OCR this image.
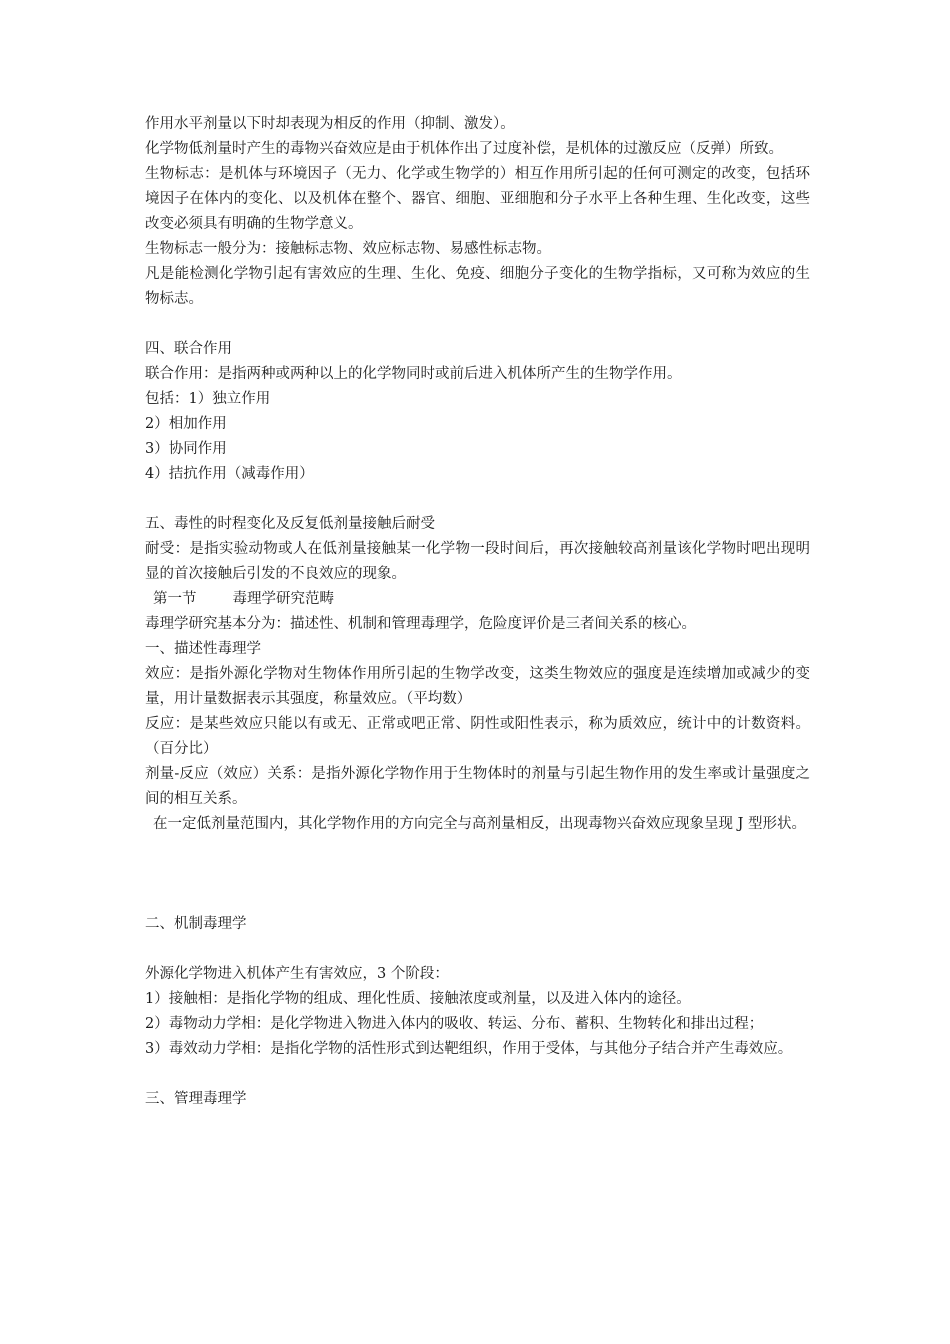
作用水平剂量以下时却表现为相反的作用（抑制、激发）。
化学物低剂量时产生的毒物兴奋效应是由于机体作出了过度补偿，是机体的过激反应（反弹）所致。
生物标志：是机体与环境因子（无力、化学或生物学的）相互作用所引起的任何可测定的改变，包括环境因子在体内的变化、以及机体在整个、器官、细胞、亚细胞和分子水平上各种生理、生化改变，这些改变必须具有明确的生物学意义。
生物标志一般分为：接触标志物、效应标志物、易感性标志物。
凡是能检测化学物引起有害效应的生理、生化、免疫、细胞分子变化的生物学指标，又可称为效应的生物标志。
四、联合作用
联合作用：是指两种或两种以上的化学物同时或前后进入机体所产生的生物学作用。
包括：1）独立作用
2）相加作用
3）协同作用
4）拮抗作用（减毒作用）
五、毒性的时程变化及反复低剂量接触后耐受
耐受：是指实验动物或人在低剂量接触某一化学物一段时间后，再次接触较高剂量该化学物时吧出现明显的首次接触后引发的不良效应的现象。
第一节 毒理学研究范畴
毒理学研究基本分为：描述性、机制和管理毒理学，危险度评价是三者间关系的核心。
一、描述性毒理学
效应：是指外源化学物对生物体作用所引起的生物学改变，这类生物效应的强度是连续增加或减少的变量，用计量数据表示其强度，称量效应。（平均数）
反应：是某些效应只能以有或无、正常或吧正常、阴性或阳性表示，称为质效应，统计中的计数资料。（百分比）
剂量-反应（效应）关系：是指外源化学物作用于生物体时的剂量与引起生物作用的发生率或计量强度之间的相互关系。
在一定低剂量范围内，其化学物作用的方向完全与高剂量相反，出现毒物兴奋效应现象呈现 J 型形状。
二、机制毒理学
外源化学物进入机体产生有害效应，3 个阶段：
1）接触相：是指化学物的组成、理化性质、接触浓度或剂量，以及进入体内的途径。
2）毒物动力学相：是化学物进入物进入体内的吸收、转运、分布、蓄积、生物转化和排出过程；
3）毒效动力学相：是指化学物的活性形式到达靶组织，作用于受体，与其他分子结合并产生毒效应。
三、管理毒理学
